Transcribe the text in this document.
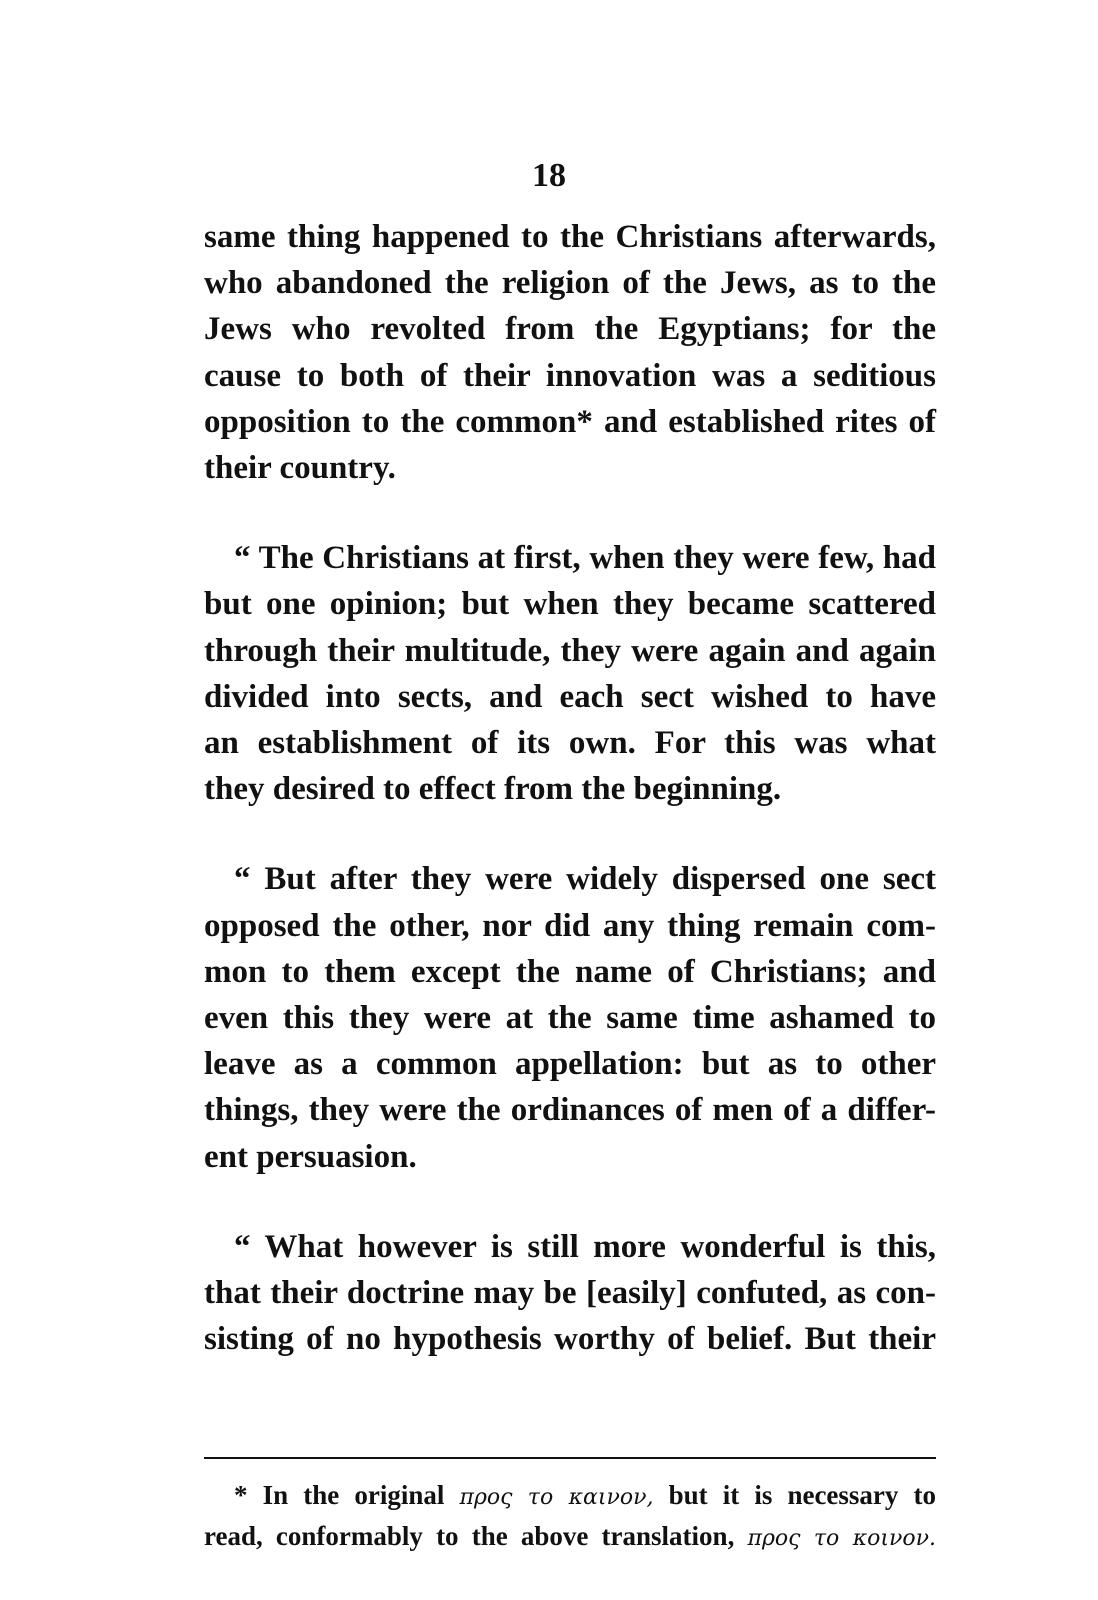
18
same thing happened to the Christians afterwards,
who abandoned the religion of the Jews, as to the
Jews who revolted from the Egyptians; for the
cause to both of their innovation was a seditious
opposition to the common* and established rites of
their country.
“ The Christians at first, when they were few, had
but one opinion; but when they became scattered
through their multitude, they were again and again
divided into sects, and each sect wished to have
an establishment of its own. For this was what
they desired to effect from the beginning.
“ But after they were widely dispersed one sect
opposed the other, nor did any thing remain com-
mon to them except the name of Christians; and
even this they were at the same time ashamed to
leave as a common appellation: but as to other
things, they were the ordinances of men of a differ-
ent persuasion.
“ What however is still more wonderful is this,
that their doctrine may be [easily] confuted, as con-
sisting of no hypothesis worthy of belief. But their
* In the original προς το καινον, but it is necessary to
read, conformably to the above translation, προς το κοινον.
